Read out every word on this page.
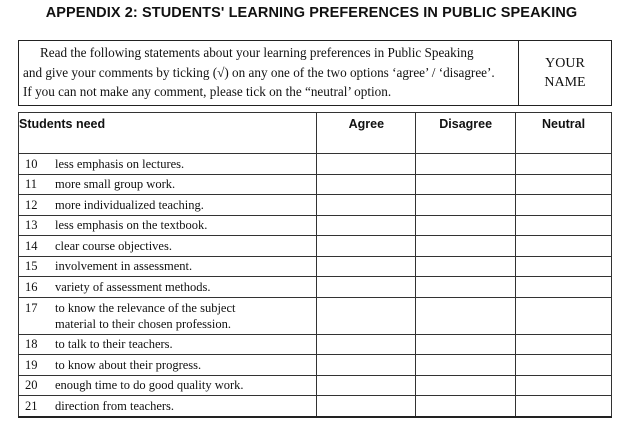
APPENDIX 2: STUDENTS' LEARNING PREFERENCES IN PUBLIC SPEAKING
Read the following statements about your learning preferences in Public Speaking
and give your comments by ticking (√) on any one of the two options ‘agree’ / ‘disagree’.
If you can not make any comment, please tick on the “neutral’ option.
YOUR
NAME
Students need	Agree	Disagree	Neutral
10 less emphasis on lectures.			
11 more small group work.			
12 more individualized teaching.			
13 less emphasis on the textbook.			
14 clear course objectives.			
15 involvement in assessment.			
16 variety of assessment methods.			
17 to know the relevance of the subject
material to their chosen profession.			

18 to talk to their teachers.			
19 to know about their progress.			
20 enough time to do good quality work.			
21 direction from teachers.			
